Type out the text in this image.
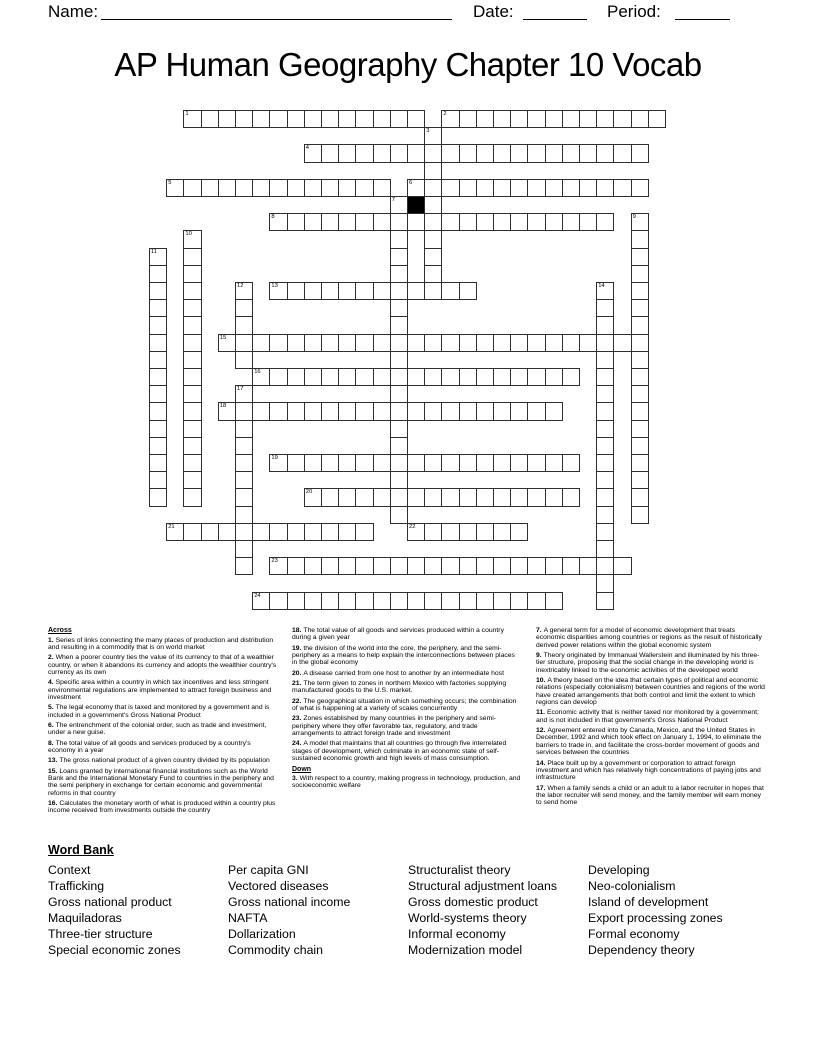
Name:	Date:	Period:
AP Human Geography Chapter 10 Vocab
1	2
3
4
5	6
7
8	9
10
11
12	13	14
15
16
17
18
19
20
21	22
23
24
Across

1. Series of links connecting the many places of production and distribution and resulting in a commodity that is on world market

2. When a poorer country ties the value of its currency to that of a wealthier country, or when it abandons its currency and adopts the wealthier country's currency as its own

4. Specific area within a country in which tax incentives and less stringent environmental regulations are implemented to attract foreign business and investment

5. The legal economy that is taxed and monitored by a government and is included in a government's Gross National Product

6. The entrenchment of the colonial order, such as trade and investment, under a new guise.

8. The total value of all goods and services produced by a country's economy in a year

13. The gross national product of a given country divided by its population

15. Loans granted by international financial institutions such as the World Bank and the International Monetary Fund to countries in the periphery and the semi periphery in exchange for certain economic and governmental reforms in that country

16. Calculates the monetary worth of what is produced within a country plus income received from investments outside the country

18. The total value of all goods and services produced within a country during a given year

19. the division of the world into the core, the periphery, and the semi-periphery as a means to help explain the interconnections between places in the global economy

20. A disease carried from one host to another by an intermediate host

21. The term given to zones in northern Mexico with factories supplying manufactured goods to the U.S. market.

22. The geographical situation in which something occurs; the combination of what is happening at a variety of scales concurrently

23. Zones established by many countries in the periphery and semi-periphery where they offer favorable tax, regulatory, and trade arrangements to attract foreign trade and investment

24. A model that maintains that all countries go through five interrelated stages of development, which culminate in an economic state of self-sustained economic growth and high levels of mass consumption.

Down

3. With respect to a country, making progress in technology, production, and socioeconomic welfare

7. A general term for a model of economic development that treats economic disparities among countries or regions as the result of historically derived power relations within the global economic system

9. Theory originated by Immanual Wallerstein and illuminated by his three-tier structure, proposing that the social change in the developing world is inextricably linked to the economic activities of the developed world

10. A theory based on the idea that certain types of political and economic relations (especially colonialism) between countries and regions of the world have created arrangements that both control and limit the extent to which regions can develop

11. Economic activity that is neither taxed nor monitored by a government; and is not included in that government's Gross National Product

12. Agreement entered into by Canada, Mexico, and the United States in December, 1992 and which took effect on January 1, 1994, to eliminate the barriers to trade in, and facilitate the cross-border movement of goods and services between the countries

14. Place built up by a government or corporation to attract foreign investment and which has relatively high concentrations of paying jobs and infrastructure

17. When a family sends a child or an adult to a labor recruiter in hopes that the labor recruiter will send money, and the family member will earn money to send home

Word Bank
Context
Trafficking
Gross national product
Maquiladoras
Three-tier structure
Special economic zones
Per capita GNI
Vectored diseases
Gross national income
NAFTA
Dollarization
Commodity chain
Structuralist theory
Structural adjustment loans
Gross domestic product
World-systems theory
Informal economy
Modernization model
Developing
Neo-colonialism
Island of development
Export processing zones
Formal economy
Dependency theory
